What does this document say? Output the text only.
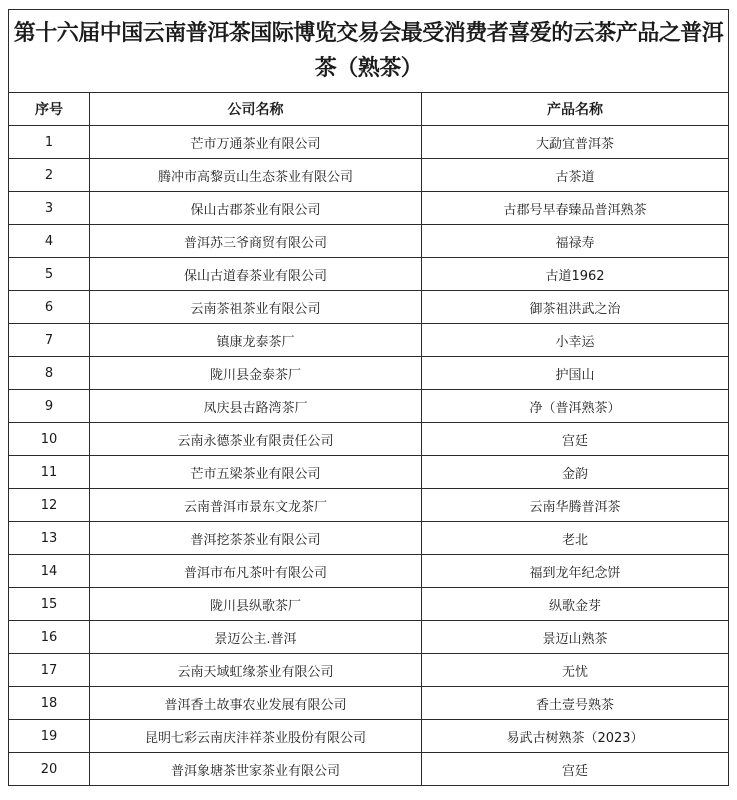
第十六届中国云南普洱茶国际博览交易会最受消费者喜爱的云茶产品之普洱茶（熟茶）		
序号	公司名称	产品名称
1	芒市万通茶业有限公司	大勐宜普洱茶
2	腾冲市高黎贡山生态茶业有限公司	古茶道
3	保山古郡茶业有限公司	古郡号早春臻品普洱熟茶
4	普洱苏三爷商贸有限公司	福禄寿
5	保山古道春茶业有限公司	古道1962
6	云南茶祖茶业有限公司	御茶祖洪武之治
7	镇康龙泰茶厂	小幸运
8	陇川县金泰茶厂	护国山
9	凤庆县古路湾茶厂	净（普洱熟茶）
10	云南永德茶业有限责任公司	宫廷
11	芒市五梁茶业有限公司	金韵
12	云南普洱市景东文龙茶厂	云南华腾普洱茶
13	普洱挖茶茶业有限公司	老北
14	普洱市布凡茶叶有限公司	福到龙年纪念饼
15	陇川县纵歌茶厂	纵歌金芽
16	景迈公主.普洱	景迈山熟茶
17	云南天域虹缘茶业有限公司	无忧
18	普洱香土故事农业发展有限公司	香土壹号熟茶
19	昆明七彩云南庆沣祥茶业股份有限公司	易武古树熟茶（2023）
20	普洱象塘茶世家茶业有限公司	宫廷
